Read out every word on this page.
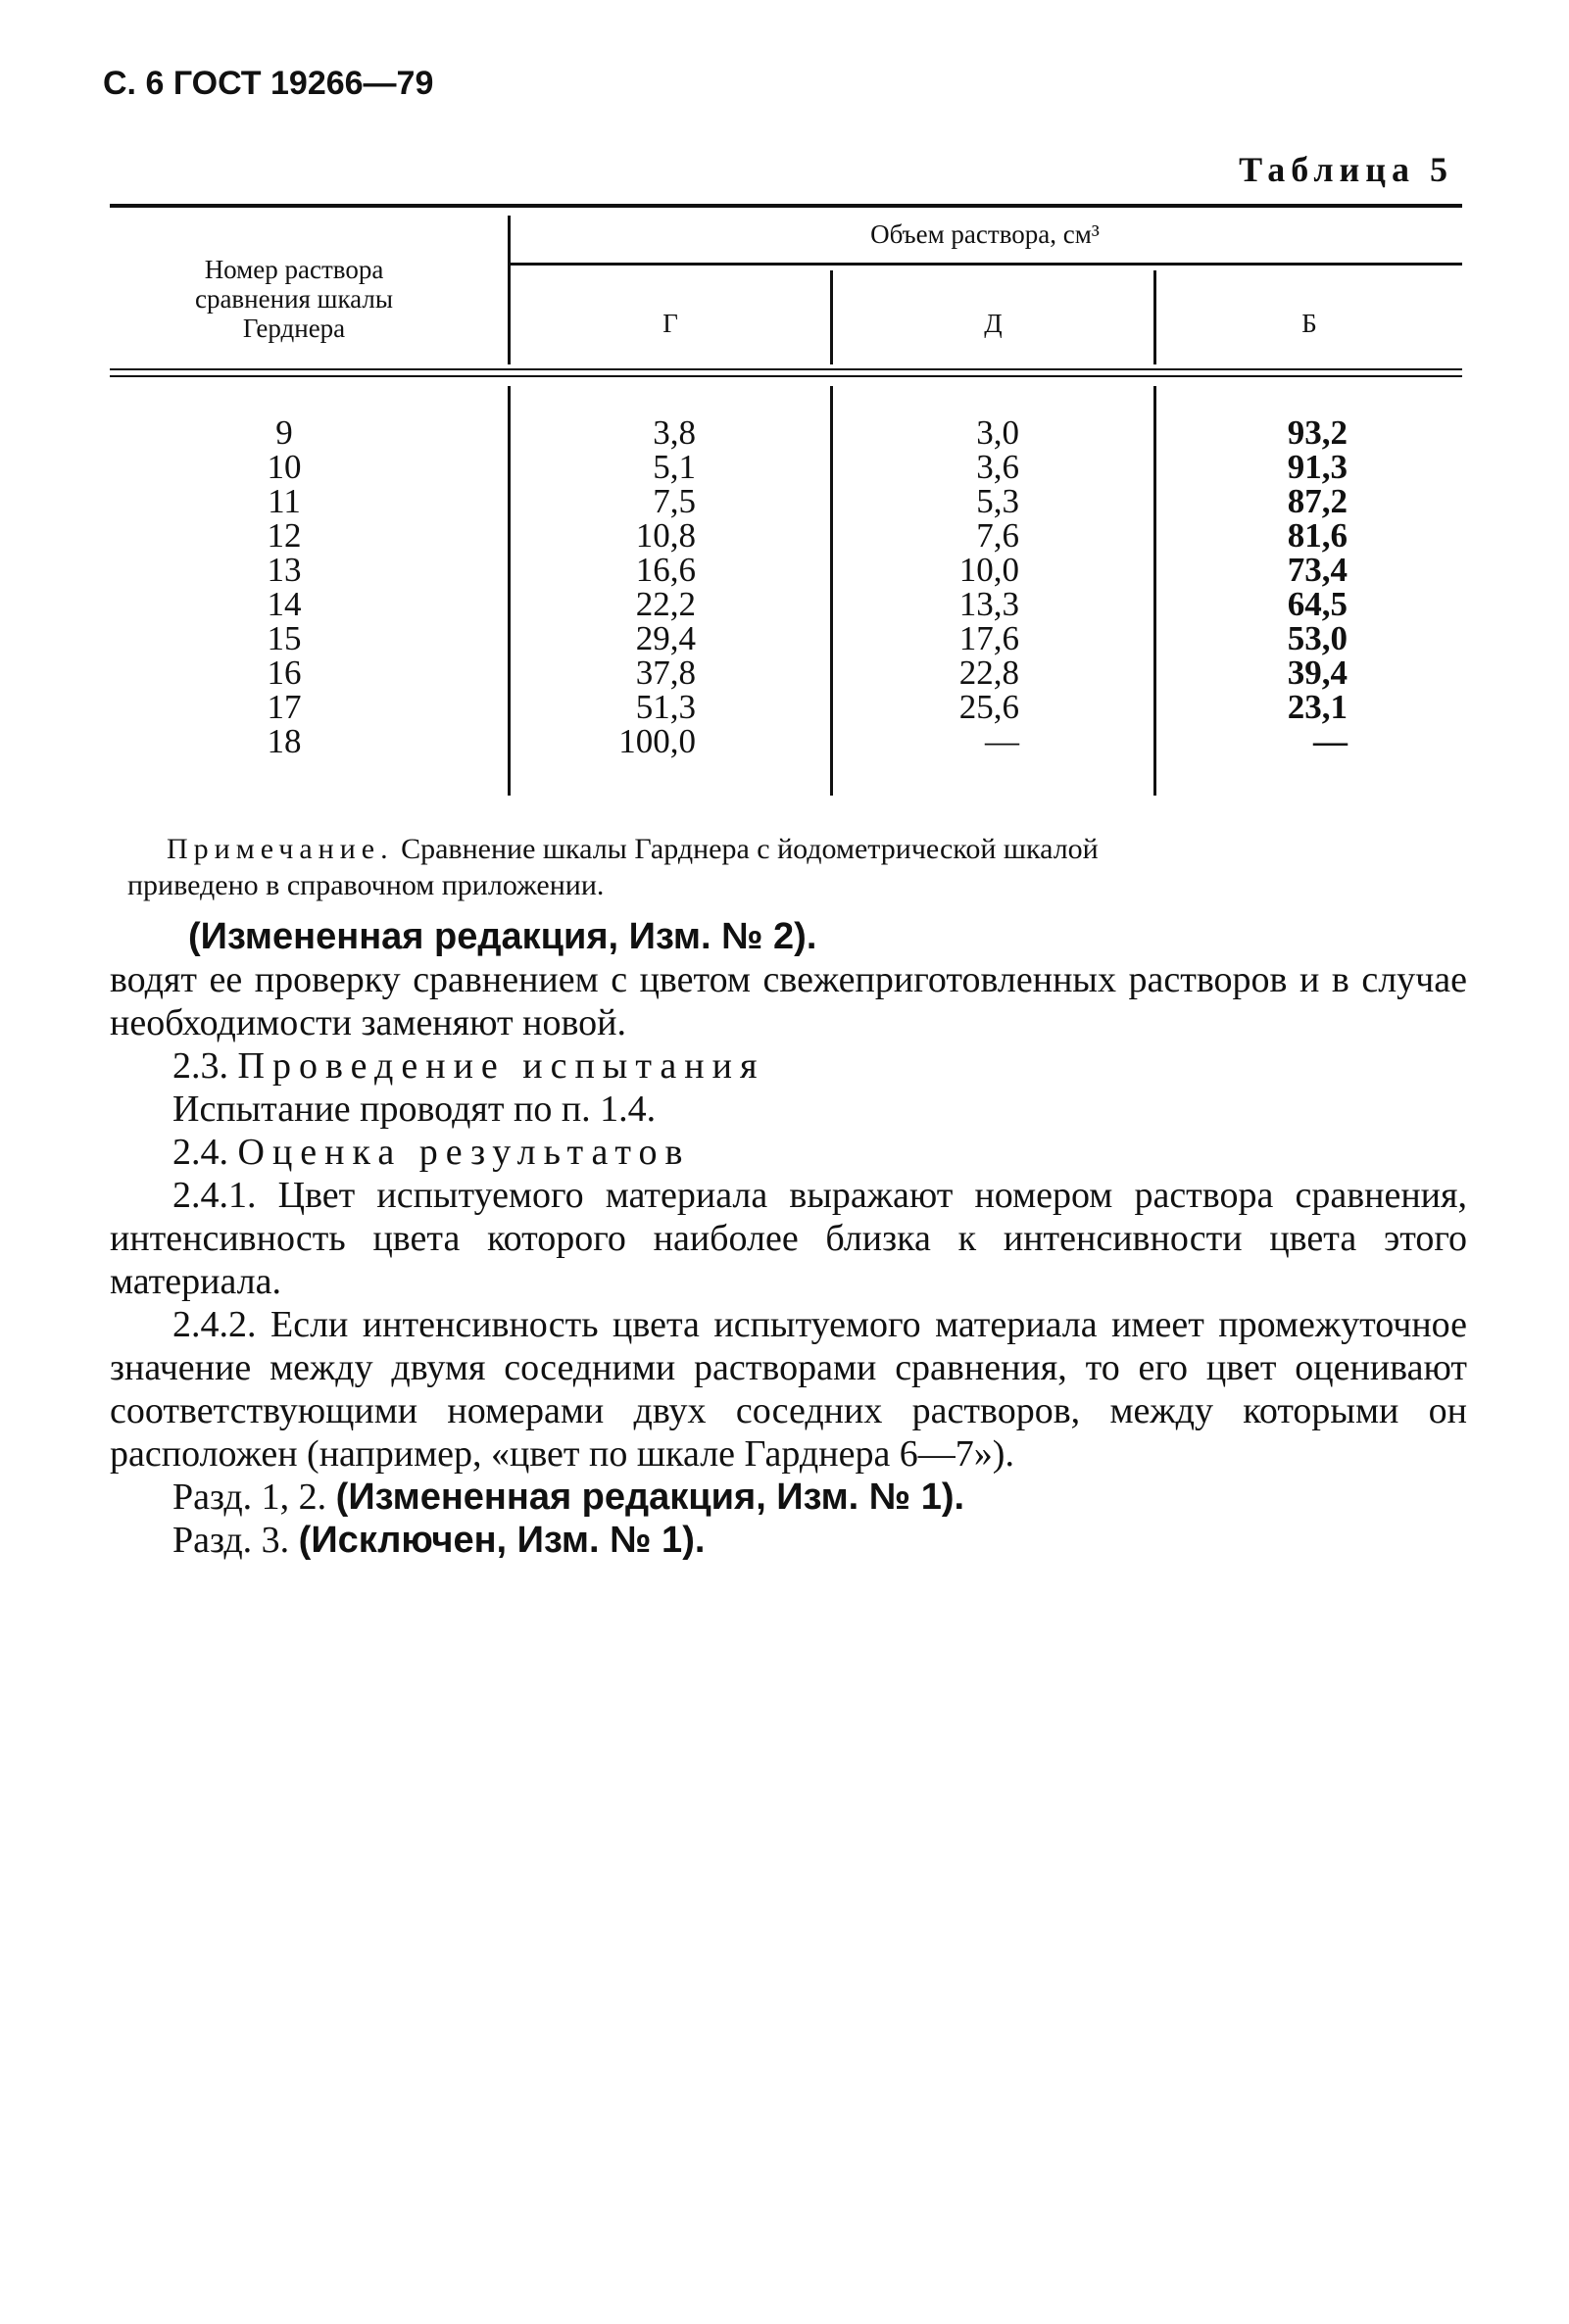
С. 6 ГОСТ 19266—79
Таблица 5
Номер раствора сравнения шкалы Герднера
Объем раствора, см³
Г	Д	Б
9
10
11
12
13
14
15
16
17
18
3,8
5,1
7,5
10,8
16,6
22,2
29,4
37,8
51,3
100,0
3,0
3,6
5,3
7,6
10,0
13,3
17,6
22,8
25,6
—
93,2
91,3
87,2
81,6
73,4
64,5
53,0
39,4
23,1
—
Примечание. Сравнение шкалы Гарднера с йодометрической шкалой
приведено в справочном приложении.

(Измененная редакция, Изм. № 2).

водят ее проверку сравнением с цветом свежеприготовленных растворов и в случае необходимости заменяют новой.

2.3. Проведение испытания

Испытание проводят по п. 1.4.

2.4. Оценка результатов

2.4.1. Цвет испытуемого материала выражают номером раствора сравнения, интенсивность цвета которого наиболее близка к интенсивности цвета этого материала.

2.4.2. Если интенсивность цвета испытуемого материала имеет промежуточное значение между двумя соседними растворами сравнения, то его цвет оценивают соответствующими номерами двух соседних растворов, между которыми он расположен (например, «цвет по шкале Гарднера 6—7»).

Разд. 1, 2. (Измененная редакция, Изм. № 1).

Разд. 3. (Исключен, Изм. № 1).
